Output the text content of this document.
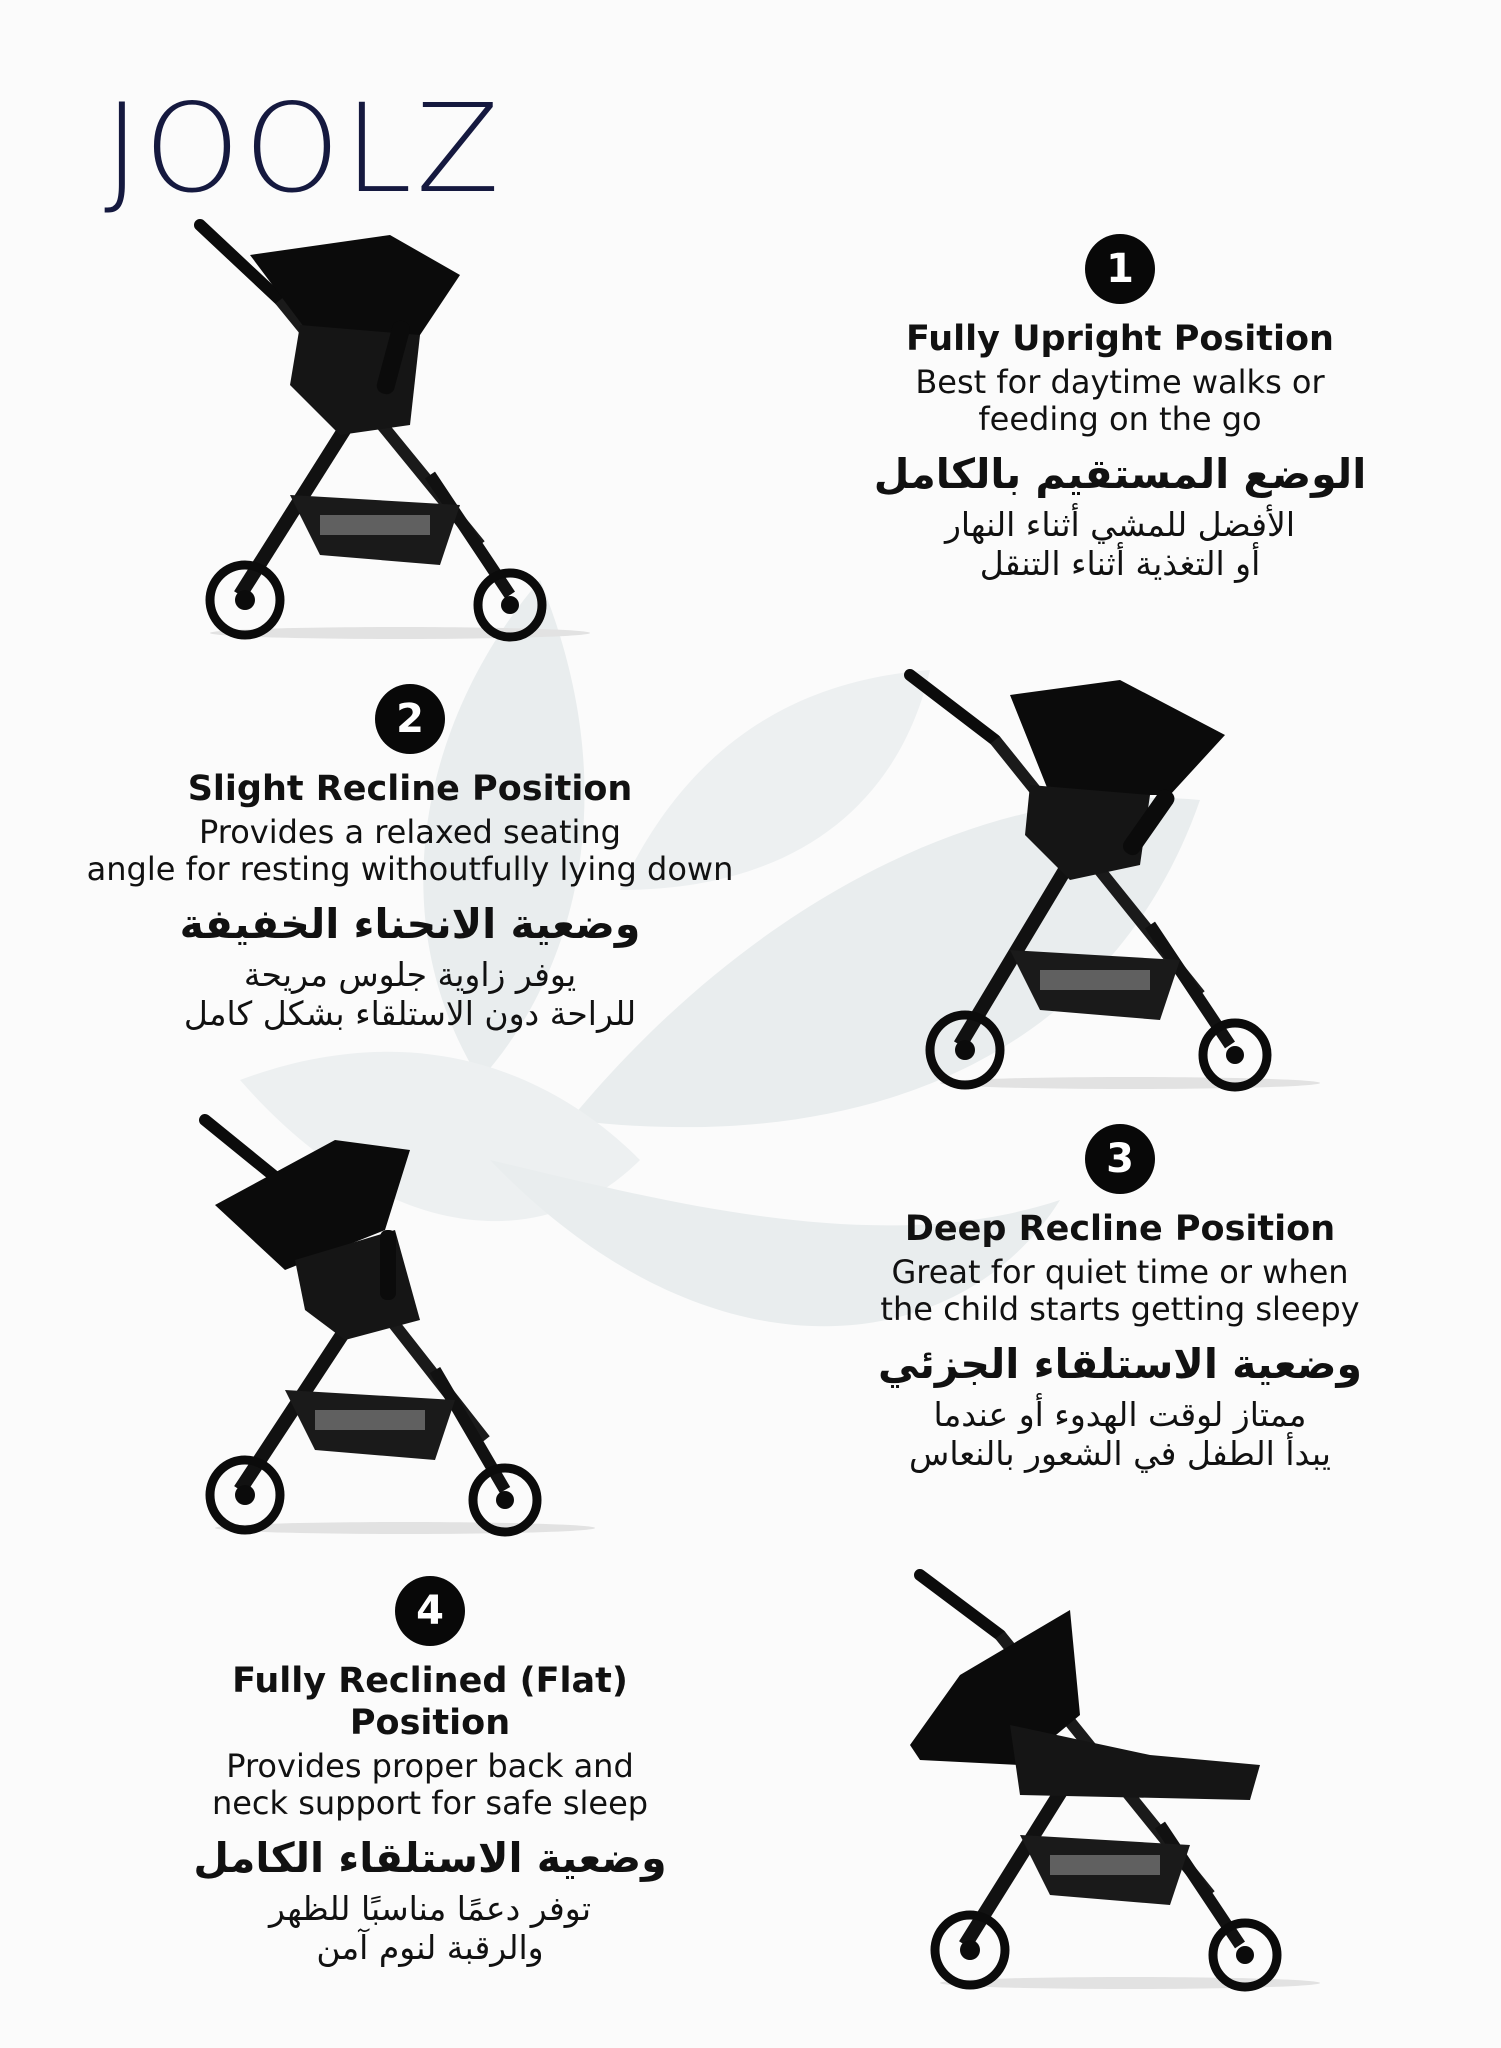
JOOLZ
1
Fully Upright Position
Best for daytime walks or
feeding on the go
الوضع المستقيم بالكامل
الأفضل للمشي أثناء النهار
أو التغذية أثناء التنقل
2
Slight Recline Position
Provides a relaxed seating
angle for resting withoutfully lying down
وضعية الانحناء الخفيفة
يوفر زاوية جلوس مريحة
للراحة دون الاستلقاء بشكل كامل
3
Deep Recline Position
Great for quiet time or when
the child starts getting sleepy
وضعية الاستلقاء الجزئي
ممتاز لوقت الهدوء أو عندما
يبدأ الطفل في الشعور بالنعاس
4
Fully Reclined (Flat) Position
Provides proper back and
neck support for safe sleep
وضعية الاستلقاء الكامل
توفر دعمًا مناسبًا للظهر
والرقبة لنوم آمن
